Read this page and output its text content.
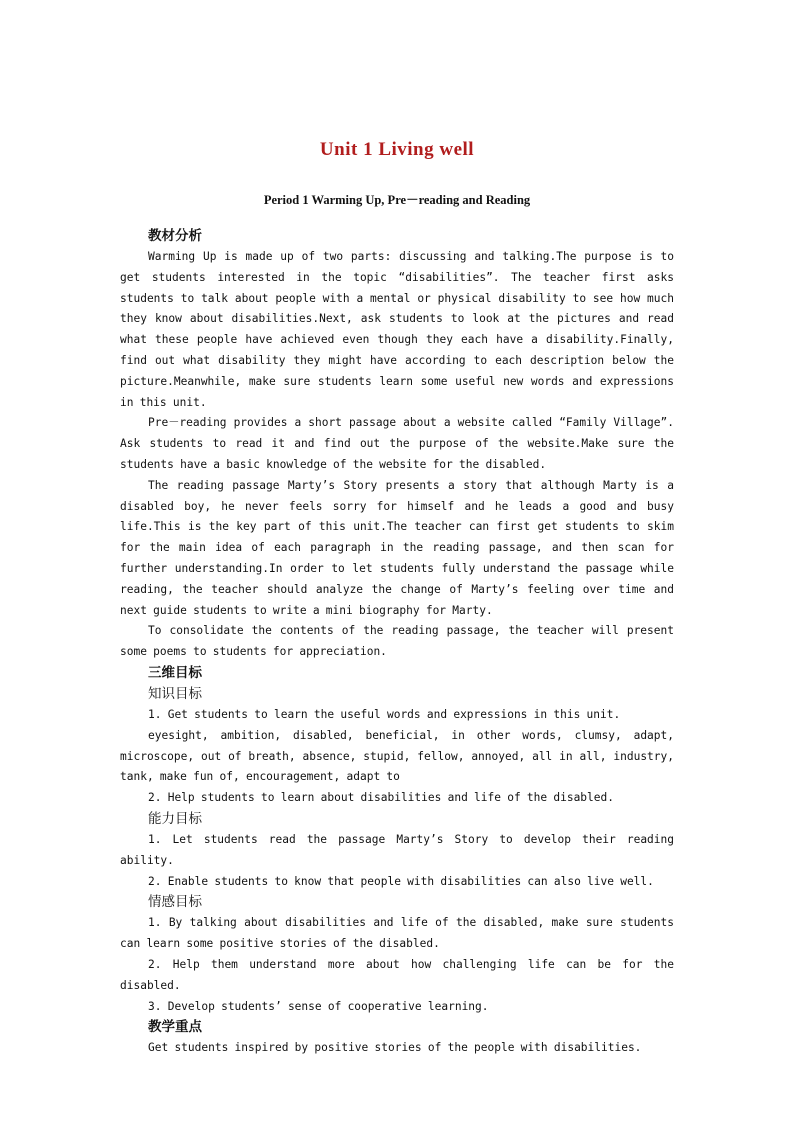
Unit 1 Living well
Period 1 Warming Up, Pre－reading and Reading
教材分析

Warming Up is made up of two parts: discussing and talking.The purpose is to get students interested in the topic “disabilities”. The teacher first asks students to talk about people with a mental or physical disability to see how much they know about disabilities.Next, ask students to look at the pictures and read what these people have achieved even though they each have a disability.Finally, find out what disability they might have according to each description below the picture.Meanwhile, make sure students learn some useful new words and expressions in this unit.

Pre－reading provides a short passage about a website called “Family Village”. Ask students to read it and find out the purpose of the website.Make sure the students have a basic knowledge of the website for the disabled.

The reading passage Marty’s Story presents a story that although Marty is a disabled boy, he never feels sorry for himself and he leads a good and busy life.This is the key part of this unit.The teacher can first get students to skim for the main idea of each paragraph in the reading passage, and then scan for further understanding.In order to let students fully understand the passage while reading, the teacher should analyze the change of Marty’s feeling over time and next guide students to write a mini biography for Marty.

To consolidate the contents of the reading passage, the teacher will present some poems to students for appreciation.

三维目标
知识目标

1. Get students to learn the useful words and expressions in this unit.

eyesight, ambition, disabled, beneficial, in other words, clumsy, adapt, microscope, out of breath, absence, stupid, fellow, annoyed, all in all, industry, tank, make fun of, encouragement, adapt to

2. Help students to learn about disabilities and life of the disabled.

能力目标

1. Let students read the passage Marty’s Story to develop their reading ability.

2. Enable students to know that people with disabilities can also live well.

情感目标

1. By talking about disabilities and life of the disabled, make sure students can learn some positive stories of the disabled.

2. Help them understand more about how challenging life can be for the disabled.

3. Develop students’ sense of cooperative learning.

教学重点

Get students inspired by positive stories of the people with disabilities.
